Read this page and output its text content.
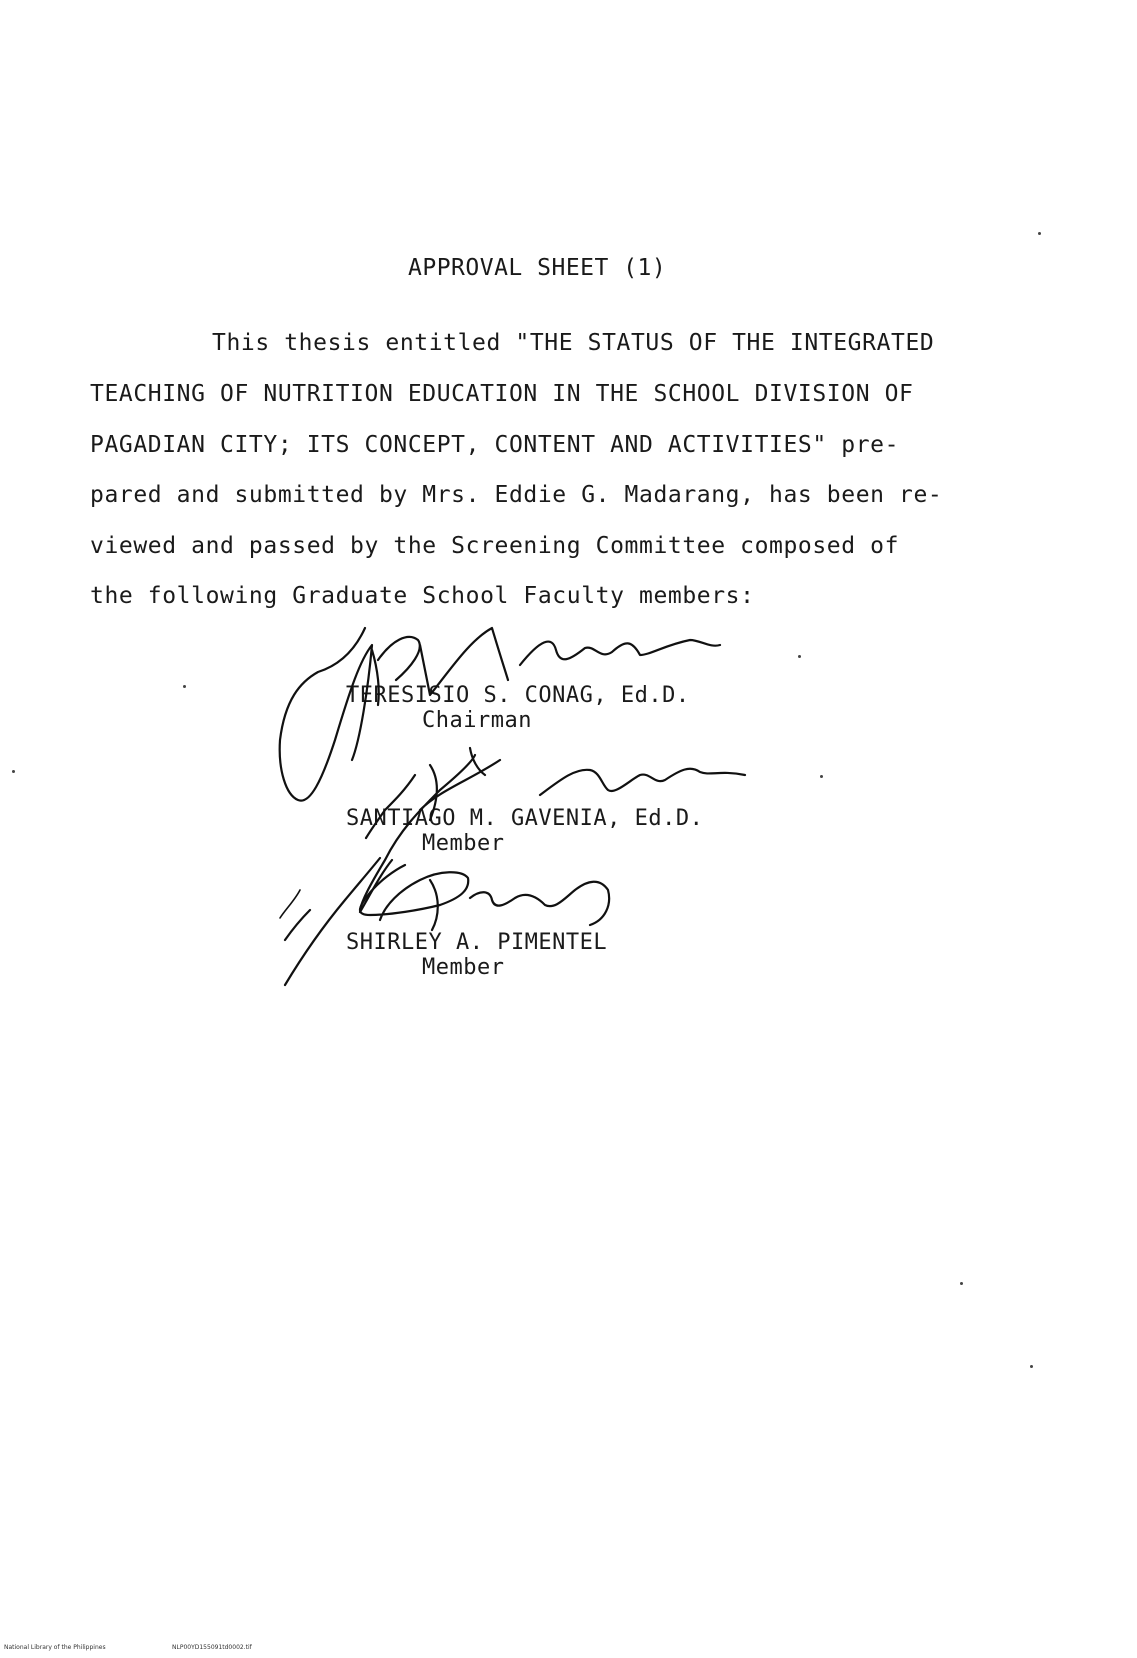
APPROVAL SHEET (1)
This thesis entitled "THE STATUS OF THE INTEGRATED
TEACHING OF NUTRITION EDUCATION IN THE SCHOOL DIVISION OF
PAGADIAN CITY; ITS CONCEPT, CONTENT AND ACTIVITIES" pre-
pared and submitted by Mrs. Eddie G. Madarang, has been re-
viewed and passed by the Screening Committee composed of
the following Graduate School Faculty members:
TERESISIO S. CONAG, Ed.D.
Chairman
SANTIAGO M. GAVENIA, Ed.D.
Member
SHIRLEY A. PIMENTEL
Member
National Library of the Philippines	NLP00YD155091td0002.tif
